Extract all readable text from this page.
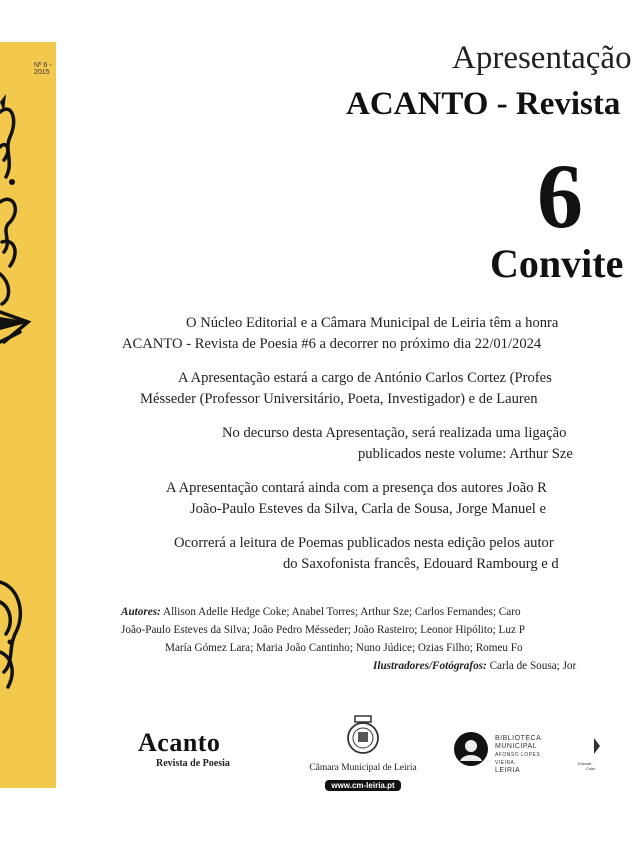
Nº 6 - 2015	Apresentação
ACANTO - Revista
6
Convite
O Núcleo Editorial e a Câmara Municipal de Leiria têm a honra
ACANTO - Revista de Poesia #6 a decorrer no próximo dia 22/01/2024
A Apresentação estará a cargo de António Carlos Cortez (Profes
Mésseder (Professor Universitário, Poeta, Investigador) e de Lauren
No decurso desta Apresentação, será realizada uma ligação
publicados neste volume: Arthur Sze
A Apresentação contará ainda com a presença dos autores João R
João-Paulo Esteves da Silva, Carla de Sousa, Jorge Manuel e
Ocorrerá a leitura de Poemas publicados nesta edição pelos autor
do Saxofonista francês, Edouard Rambourg e d
Autores: Allison Adelle Hedge Coke; Anabel Torres; Arthur Sze; Carlos Fernandes; Caro
João-Paulo Esteves da Silva; João Pedro Mésseder; João Rasteiro; Leonor Hipólito; Luz P
María Gómez Lara; Maria João Cantinho; Nuno Júdice; Ozias Filho; Romeu Fo
Ilustradores/Fotógrafos: Carla de Sousa; Jor
Acanto
Revista de Poesia	Câmara Municipal de Leiria
www.cm-leiria.pt
BIBLIOTECA
MUNICIPAL
AFONSO LOPES VIEIRA
LEIRIA
Educati
Cultu
